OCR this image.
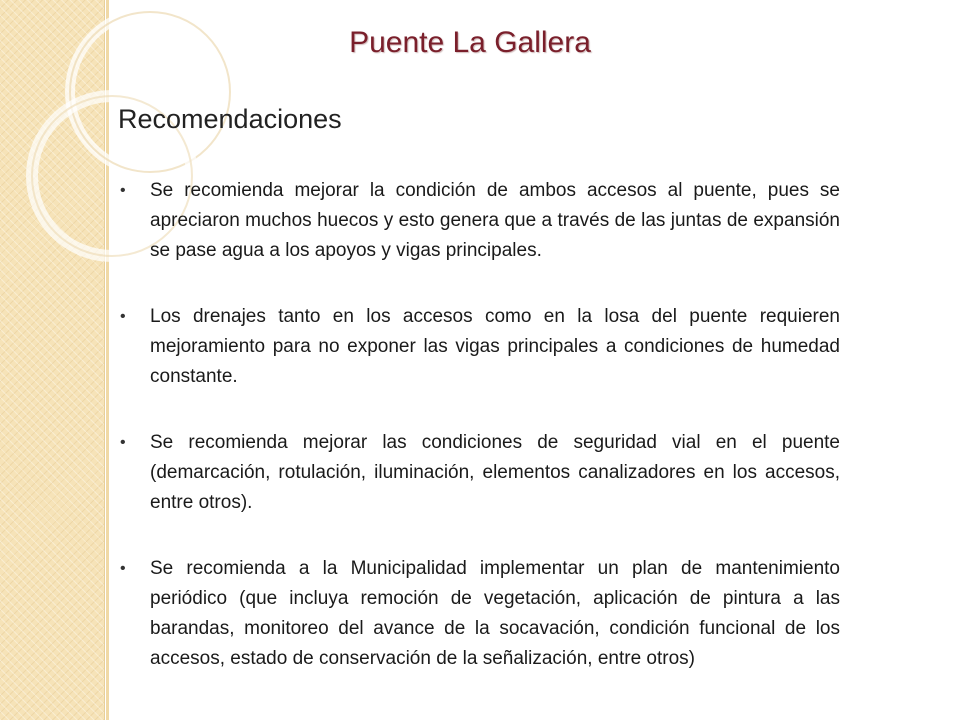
Puente La Gallera
Recomendaciones
• Se recomienda mejorar la condición de ambos accesos al puente, pues se apreciaron muchos huecos y esto genera que a través de las juntas de expansión se pase agua a los apoyos y vigas principales.
• Los drenajes tanto en los accesos como en la losa del puente requieren mejoramiento para no exponer las vigas principales a condiciones de humedad constante.
• Se recomienda mejorar las condiciones de seguridad vial en el puente (demarcación, rotulación, iluminación, elementos canalizadores en los accesos, entre otros).
• Se recomienda a la Municipalidad implementar un plan de mantenimiento periódico (que incluya remoción de vegetación, aplicación de pintura a las barandas, monitoreo del avance de la socavación, condición funcional de los accesos, estado de conservación de la señalización, entre otros)
